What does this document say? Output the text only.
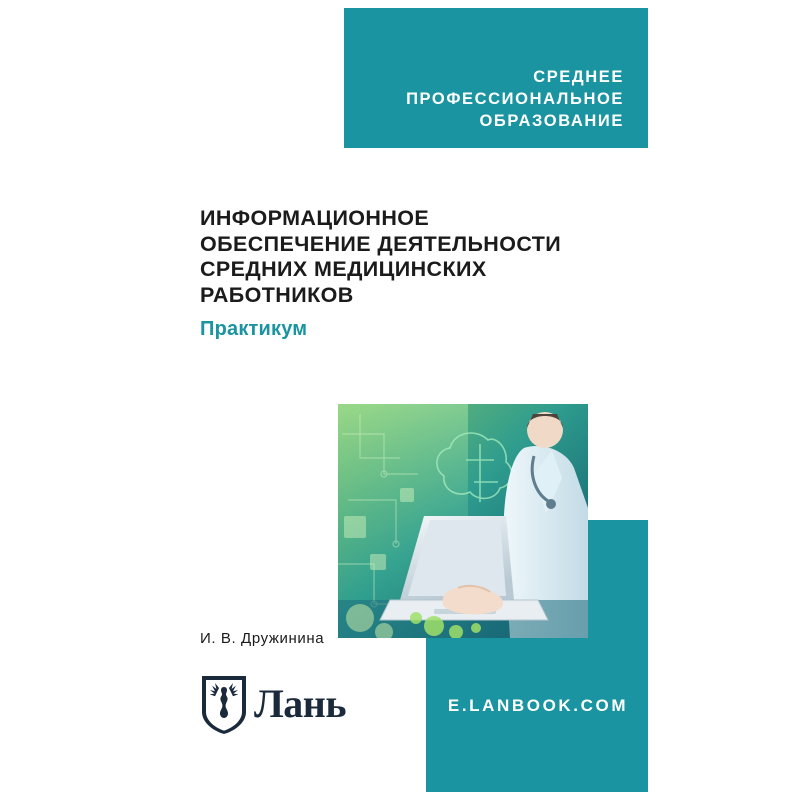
СРЕДНЕЕ
ПРОФЕССИОНАЛЬНОЕ
ОБРАЗОВАНИЕ
ИНФОРМАЦИОННОЕ
ОБЕСПЕЧЕНИЕ ДЕЯТЕЛЬНОСТИ
СРЕДНИХ МЕДИЦИНСКИХ
РАБОТНИКОВ
Практикум
И. В. Дружинина
Лань	E.LANBOOK.COM
